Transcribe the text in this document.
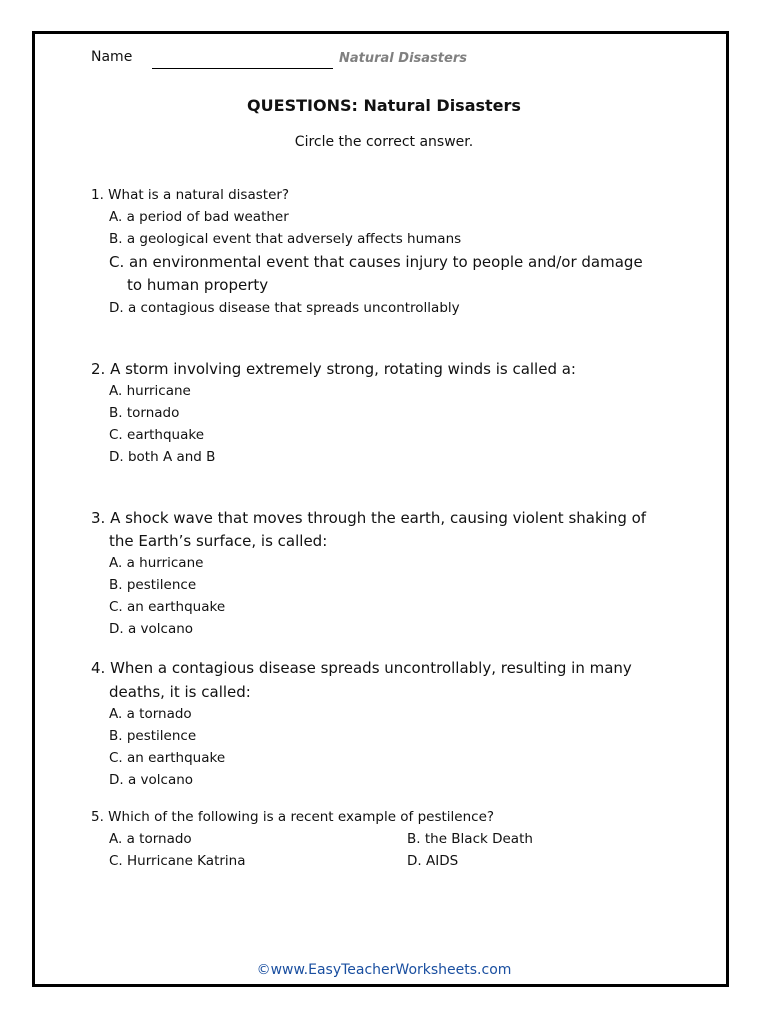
Name	Natural Disasters
QUESTIONS: Natural Disasters
Circle the correct answer.
1. What is a natural disaster?
A. a period of bad weather
B. a geological event that adversely affects humans
C. an environmental event that causes injury to people and/or damage
to human property
D. a contagious disease that spreads uncontrollably
2. A storm involving extremely strong, rotating winds is called a:
A. hurricane
B. tornado
C. earthquake
D. both A and B
3. A shock wave that moves through the earth, causing violent shaking of
the Earth’s surface, is called:
A. a hurricane
B. pestilence
C. an earthquake
D. a volcano
4. When a contagious disease spreads uncontrollably, resulting in many
deaths, it is called:
A. a tornado
B. pestilence
C. an earthquake
D. a volcano
5. Which of the following is a recent example of pestilence?
A. a tornado	B. the Black Death
C. Hurricane Katrina	D. AIDS
©www.EasyTeacherWorksheets.com
